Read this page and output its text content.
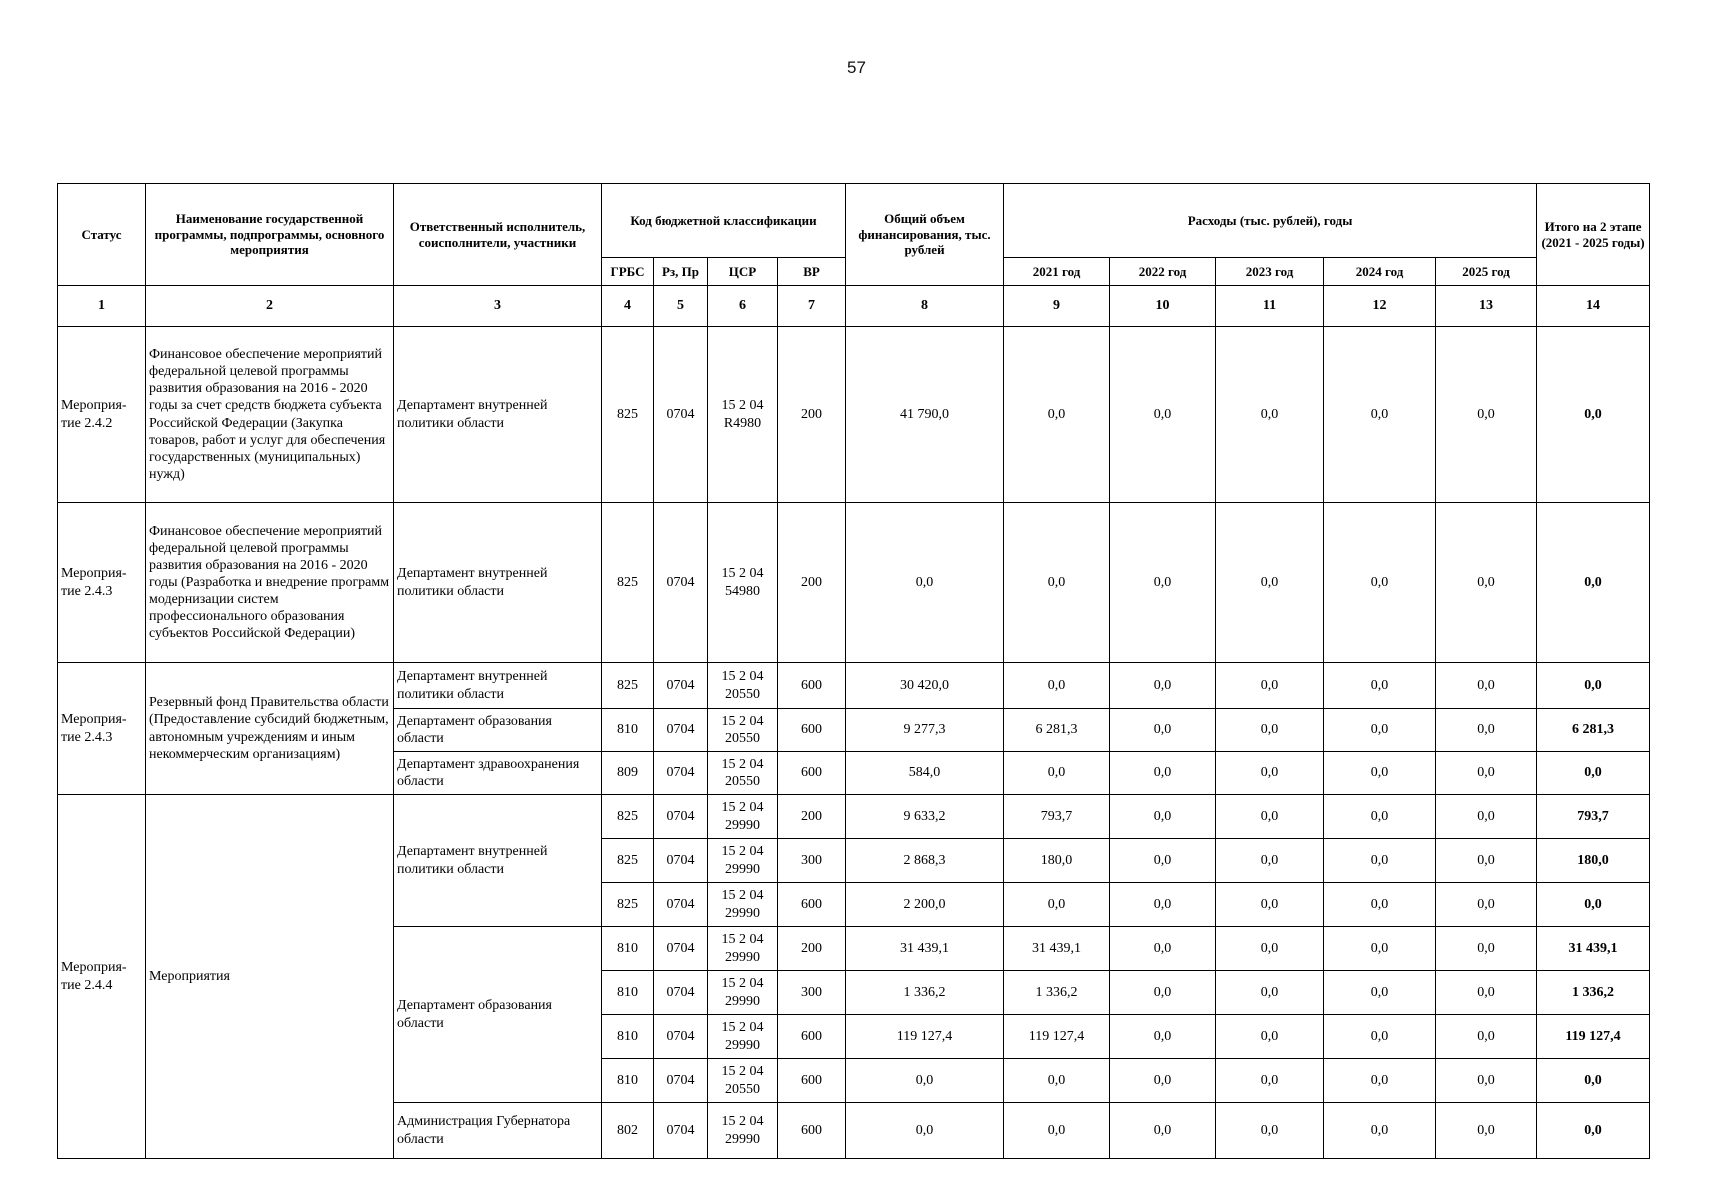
57
Статус	Наименование государственной программы, подпрограммы, основного мероприятия	Ответственный исполнитель, соисполнители, участники	Код бюджетной классификации				Общий объем финансирования, тыс. рублей	Расходы (тыс. рублей), годы					Итого на 2 этапе (2021 - 2025 годы)
			ГРБС	Рз, Пр	ЦСР	ВР		2021 год	2022 год	2023 год	2024 год	2025 год	
1	2	3	4	5	6	7	8	9	10	11	12	13	14
Мероприя-тие 2.4.2	Финансовое обеспечение мероприятий федеральной целевой программы развития образования на 2016 - 2020 годы за счет средств бюджета субъекта Российской Федерации (Закупка товаров, работ и услуг для обеспечения государственных (муниципальных) нужд)	Департамент внутренней политики области	825	0704	15 2 04 R4980	200	41 790,0	0,0	0,0	0,0	0,0	0,0	0,0
Мероприя-тие 2.4.3	Финансовое обеспечение мероприятий федеральной целевой программы развития образования на 2016 - 2020 годы (Разработка и внедрение программ модернизации систем профессионального образования субъектов Российской Федерации)	Департамент внутренней политики области	825	0704	15 2 04 54980	200	0,0	0,0	0,0	0,0	0,0	0,0	0,0
Мероприя-тие 2.4.3	Резервный фонд Правительства области (Предоставление субсидий бюджетным, автономным учреждениям и иным некоммерческим организациям)	Департамент внутренней политики области	825	0704	15 2 04 20550	600	30 420,0	0,0	0,0	0,0	0,0	0,0	0,0
		Департамент образования области	810	0704	15 2 04 20550	600	9 277,3	6 281,3	0,0	0,0	0,0	0,0	6 281,3
		Департамент здравоохранения области	809	0704	15 2 04 20550	600	584,0	0,0	0,0	0,0	0,0	0,0	0,0
Мероприя-тие 2.4.4	Мероприятия	Департамент внутренней политики области	825	0704	15 2 04 29990	200	9 633,2	793,7	0,0	0,0	0,0	0,0	793,7
			825	0704	15 2 04 29990	300	2 868,3	180,0	0,0	0,0	0,0	0,0	180,0
			825	0704	15 2 04 29990	600	2 200,0	0,0	0,0	0,0	0,0	0,0	0,0
		Департамент образования области	810	0704	15 2 04 29990	200	31 439,1	31 439,1	0,0	0,0	0,0	0,0	31 439,1
			810	0704	15 2 04 29990	300	1 336,2	1 336,2	0,0	0,0	0,0	0,0	1 336,2
			810	0704	15 2 04 29990	600	119 127,4	119 127,4	0,0	0,0	0,0	0,0	119 127,4
			810	0704	15 2 04 20550	600	0,0	0,0	0,0	0,0	0,0	0,0	0,0
		Администрация Губернатора области	802	0704	15 2 04 29990	600	0,0	0,0	0,0	0,0	0,0	0,0	0,0
